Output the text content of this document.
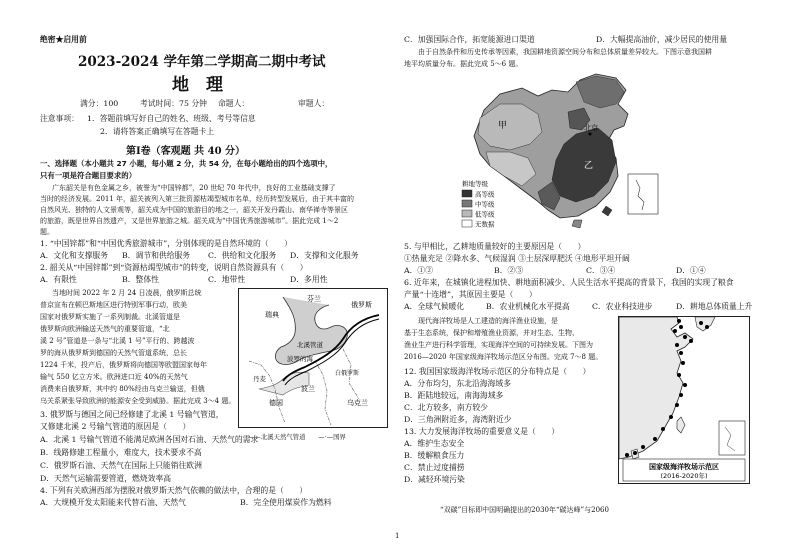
绝密★启用前
2023-2024 学年第二学期高二期中考试
地　理
满分：100	考试时间：75 分钟 命题人：	审题人：
注意事项： 1．答题前填写好自己的姓名、班级、考号等信息
2．请将答案正确填写在答题卡上
第Ⅰ卷（客观题 共 40 分）
一、选择题（本小题共 27 小题，每小题 2 分，共 54 分，在每小题给出的四个选项中，
只有一项是符合题目要求的）
广东韶关是有色金属之乡，被誉为“中国锌都”，20 世纪 70 年代中，良好的工业基础支撑了
当时的经济发展。2011 年，韶关被列入第三批资源枯竭型城市名单，经历转型发展后，由于其丰富的
自然风光、独特的人文景观等，韶关成为中国的旅游目的地之一，韶关开发丹霞山、南华禅寺等景区
的旅游，既是世界自然遗产，又是世界旅游之城。韶关成为“中国优秀旅游城市”。据此完成 1～2
题。
1. “中国锌都”和“中国优秀旅游城市”，分别体现的是自然环境的（　　）
A．文化和支撑服务 B．调节和供给服务 C．供给和文化服务 D．支撑和文化服务
2. 韶关从“中国锌都”到“资源枯竭型城市”的转变，说明自然资源具有（　　）
A．有限性	B．整体性	C．地带性	D．多用性
当地时间 2022 年 2 月 24 日凌晨，俄罗斯总统
普京宣布在顿巴斯地区进行特别军事行动，欧美
国家对俄罗斯实施了一系列制裁。北溪管道是
俄罗斯向欧洲输送天然气的重要管道，“北
溪 2 号”管道是一条与“北溪 1 号”平行的、跨越波
罗的海从俄罗斯到德国的天然气管道系统，总长
1224 千米，投产后，俄罗斯将向德国等欧盟国家每年
输气 550 亿立方米。欧洲进口近 40%的天然气
消费来自俄罗斯，其中约 80%经由乌克兰输送，但俄
乌关系紧张导致欧洲的能源安全受到威胁。据此完成 3～4 题。
芬兰
俄罗斯
瑞典
北溪管道
波罗的海
德国
丹麦
波兰
乌克兰
白俄罗斯
——北溪天然气管道　　—·—国界
3. 俄罗斯与德国之间已经修建了北溪 1 号输气管道，
又修建北溪 2 号输气管道的原因是（　　）
A．北溪 1 号输气管道不能满足欧洲各国对石油、天然气的需求
B．线路修建工程量小，难度大，技术要求不高
C．俄罗斯石油、天然气在国际上只能销往欧洲
D．天然气运输需要管道，燃烧效率高
4. 下列有关欧洲西部为摆脱对俄罗斯天然气依赖的做法中，合理的是（　　）
A．大规模开发太阳能来代替石油、天然气	B．完全使用煤炭作为燃料
C．加强国际合作，拓宽能源进口渠道	D．大幅提高油价，减少居民的使用量
由于自然条件和历史传承等因素，我国耕地资源空间分布和总体质量差异较大。下图示意我国耕
地平均质量分布。据此完成 5～6 题。
甲
乙
北京
耕地等级
高等级
中等级
低等级
无数据
5. 与甲相比，乙耕地质量较好的主要原因是（　　）
①热量充足 ②降水多、气候湿润 ③土层深厚肥沃 ④地形平坦开阔
A．①②	B．②③	C．③④	D．①④
6. 近年来，在城镇化进程加快、耕地面积减少、人民生活水平提高的背景下，我国的实现了粮食
产量“十连增”，其原因主要是（　　）
A．全球气候暖化	B．农业机械化水平提高	C．农业科技进步	D．耕地总体质量上升
现代海洋牧场是人工建造的海洋渔业设施，是
基于生态系统，保护和增殖渔业资源，并对生态、生物、
渔业生产进行科学管理，实现海洋空间的可持续发展。下图为
2016—2020 年国家级海洋牧场示范区分布图。完成 7～8 题。
12. 我国国家级海洋牧场示范区的分布特点是（　　）
A．分布均匀，东北沿海海域多
B．距陆地较远，南海海域多
C．北方较多，南方较少
D．三角洲附近多，海湾附近少
13. 大力发展海洋牧场的重要意义是（　　）
A．维护生态安全
B．缓解粮食压力
C．禁止过度捕捞
D．减轻环境污染
国家级海洋牧场示范区
(2016-2020年)
“双碳”目标即中国明确提出的2030年“碳达峰”与2060
1
